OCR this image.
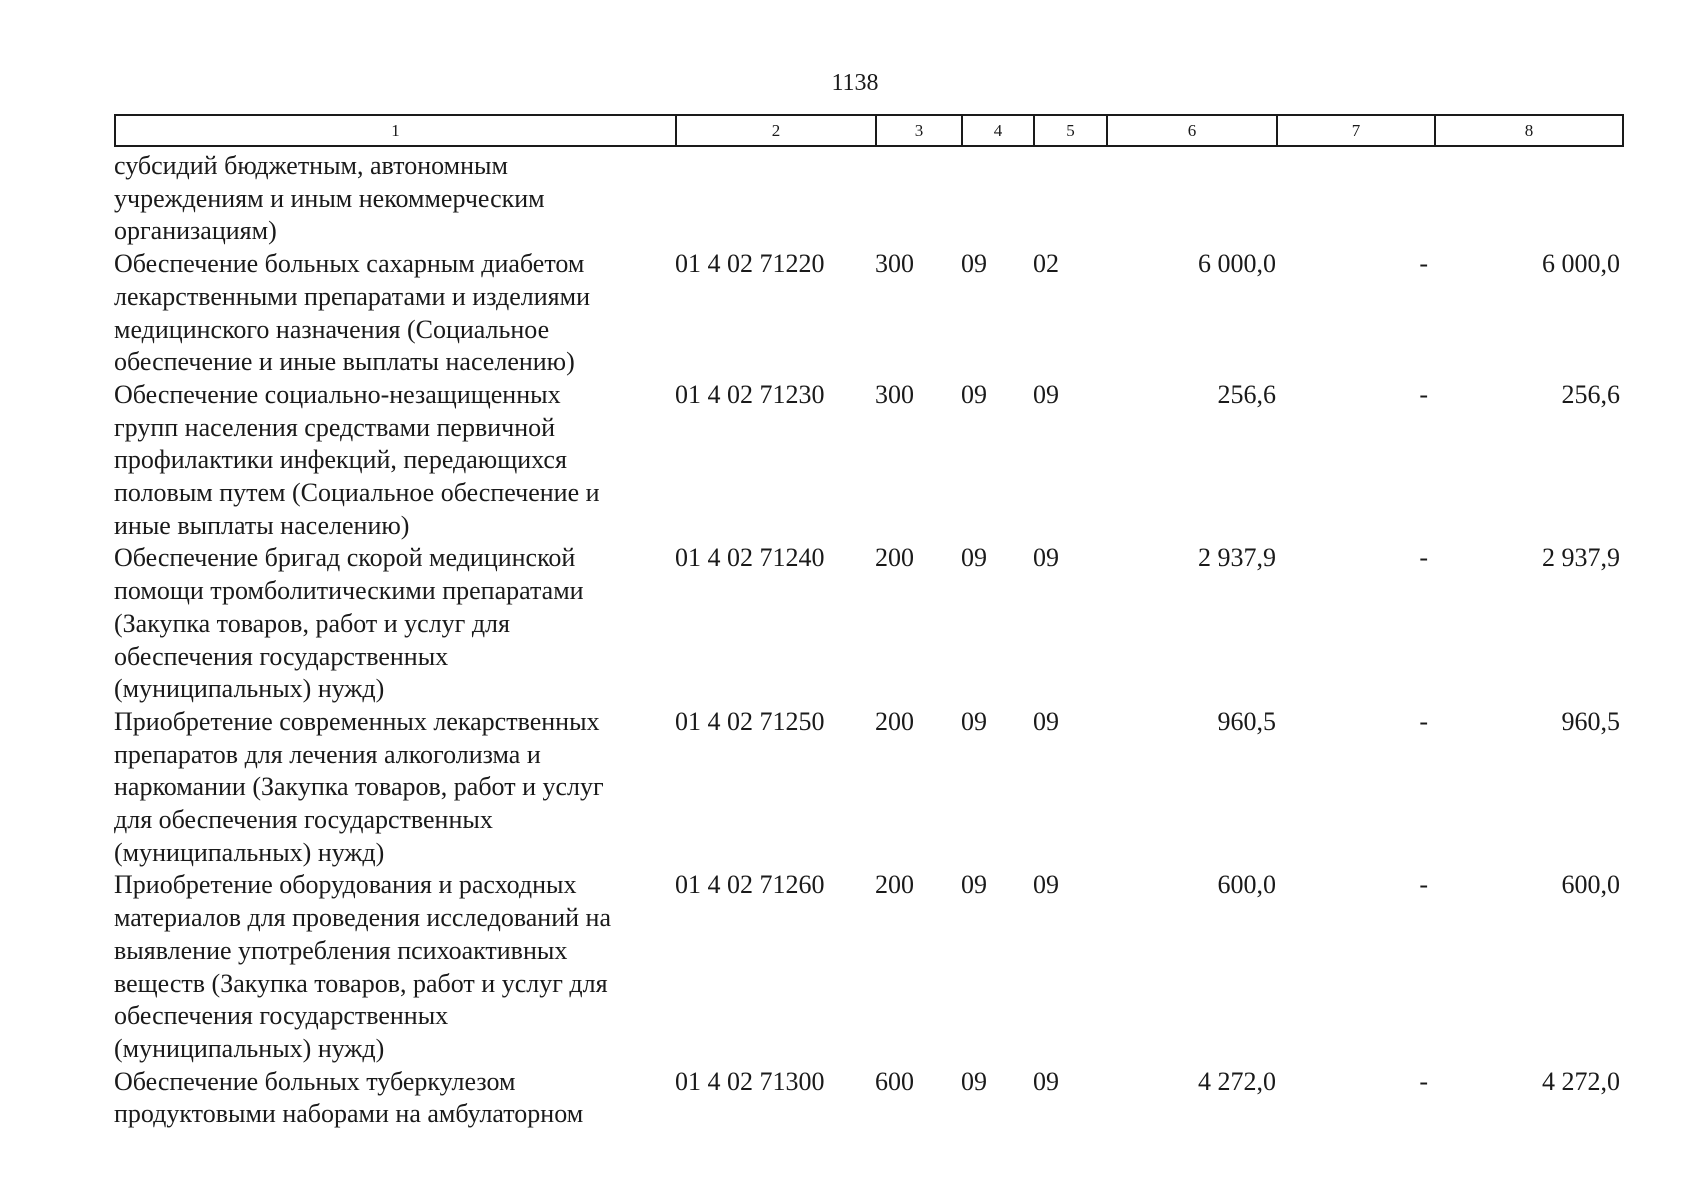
1138
1	2	3	4	5	6	7	8
субсидий бюджетным, автономным
учреждениям и иным некоммерческим
организациям)
Обеспечение больных сахарным диабетом
лекарственными препаратами и изделиями
медицинского назначения (Социальное
обеспечение и иные выплаты населению)
01 4 02 71220	300	09	02	6 000,0	-	6 000,0
Обеспечение социально-незащищенных
групп населения средствами первичной
профилактики инфекций, передающихся
половым путем (Социальное обеспечение и
иные выплаты населению)
01 4 02 71230	300	09	09	256,6	-	256,6
Обеспечение бригад скорой медицинской
помощи тромболитическими препаратами
(Закупка товаров, работ и услуг для
обеспечения государственных
(муниципальных) нужд)
01 4 02 71240	200	09	09	2 937,9	-	2 937,9
Приобретение современных лекарственных
препаратов для лечения алкоголизма и
наркомании (Закупка товаров, работ и услуг
для обеспечения государственных
(муниципальных) нужд)
01 4 02 71250	200	09	09	960,5	-	960,5
Приобретение оборудования и расходных
материалов для проведения исследований на
выявление употребления психоактивных
веществ (Закупка товаров, работ и услуг для
обеспечения государственных
(муниципальных) нужд)
01 4 02 71260	200	09	09	600,0	-	600,0
Обеспечение больных туберкулезом
продуктовыми наборами на амбулаторном
01 4 02 71300	600	09	09	4 272,0	-	4 272,0
